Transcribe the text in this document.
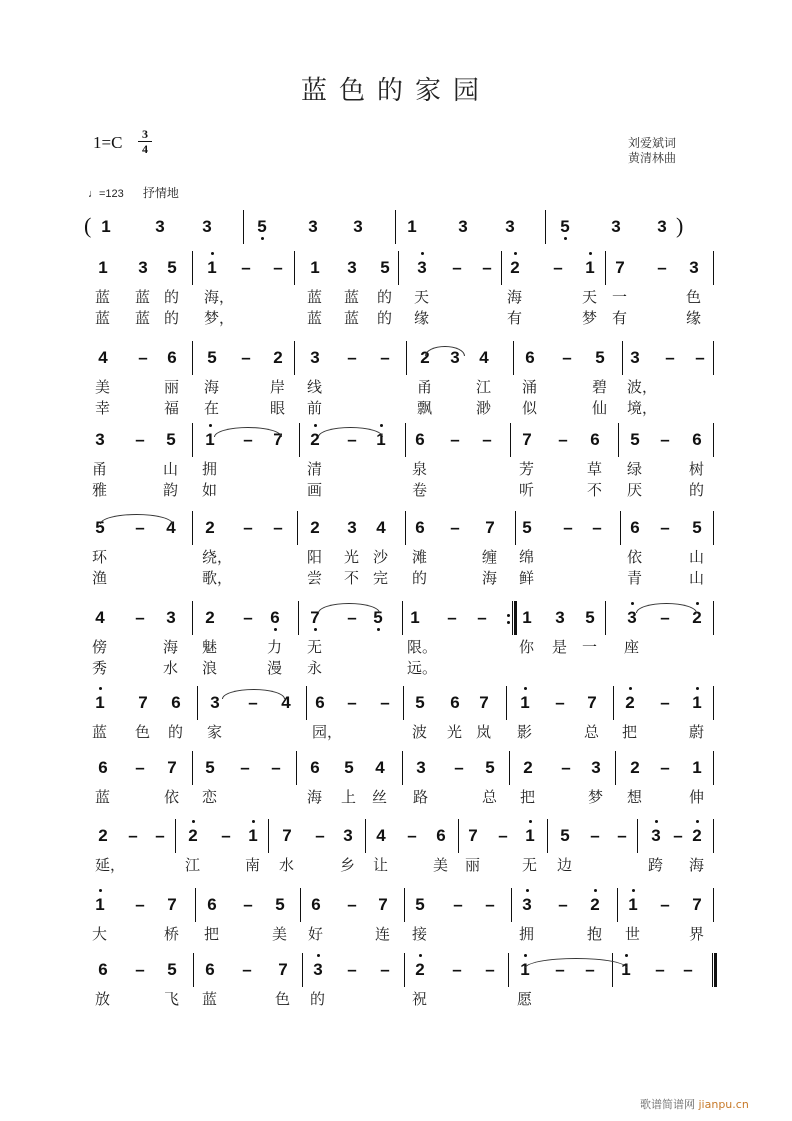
蓝色的家园
1=C	3
4	刘爱斌词
黄清林曲
♩=123 抒情地
1	3 3	5 3 3	1 3 3	5 3 3
(	)
1 3 5 1 – – 1 3 5 3 – – 2 – 1 7 – 3
蓝	蓝 的	海，	蓝	蓝	的	天	海	天 一	色
蓝	蓝 的	梦，	蓝	蓝	的	缘	有	梦 有	缘
4 – 6 5 – 2 3 – – 2 3 4 6 – 5 3 – –
美	丽	海	岸	线	甬	江	涌	碧	波，
幸	福	在	眼	前	飘	渺	似	仙	境，
3 – 5 1 – 7 2 – 1 6 – – 7 – 6 5 – 6
甬	山	拥	清	泉	芳	草	绿	树
雅	韵	如	画	卷	听	不	厌	的
5 – 4 2 – – 2 3 4 6 – 7 5 – – 6 – 5
环	绕，	阳	光 沙	滩	缠	绵	依	山
渔	歌，	尝	不 完	的	海	鲜	青	山
4 – 3 2 – 6 7 – 5 1 – – 1 3 5 3 – 2
傍	海	魅	力	无	限。	你	是 一	座
秀	水	浪	漫	永	远。
1 7 6 3 – 4 6 – – 5 6 7 1 – 7 2 – 1
蓝	色	的	家	园，	波	光 岚	影	总	把	蔚
6 – 7 5 – – 6 5 4 3 – 5 2 – 3 2 – 1
蓝	依	恋	海	上	丝	路	总	把	梦	想	伸
2 – – 2 – 1 7 – 3 4 – 6 7 – 1 5 – – 3 – 2
延，	江	南	水	乡	让	美	丽	无	边	跨	海
1 – 7 6 – 5 6 – 7 5 – – 3 – 2 1 – 7
大	桥	把	美	好	连	接	拥	抱	世	界
6 – 5 6 – 7 3 – – 2 – – 1 – – 1 – –
放	飞	蓝	色	的	祝	愿
歌谱简谱网 jianpu.cn
